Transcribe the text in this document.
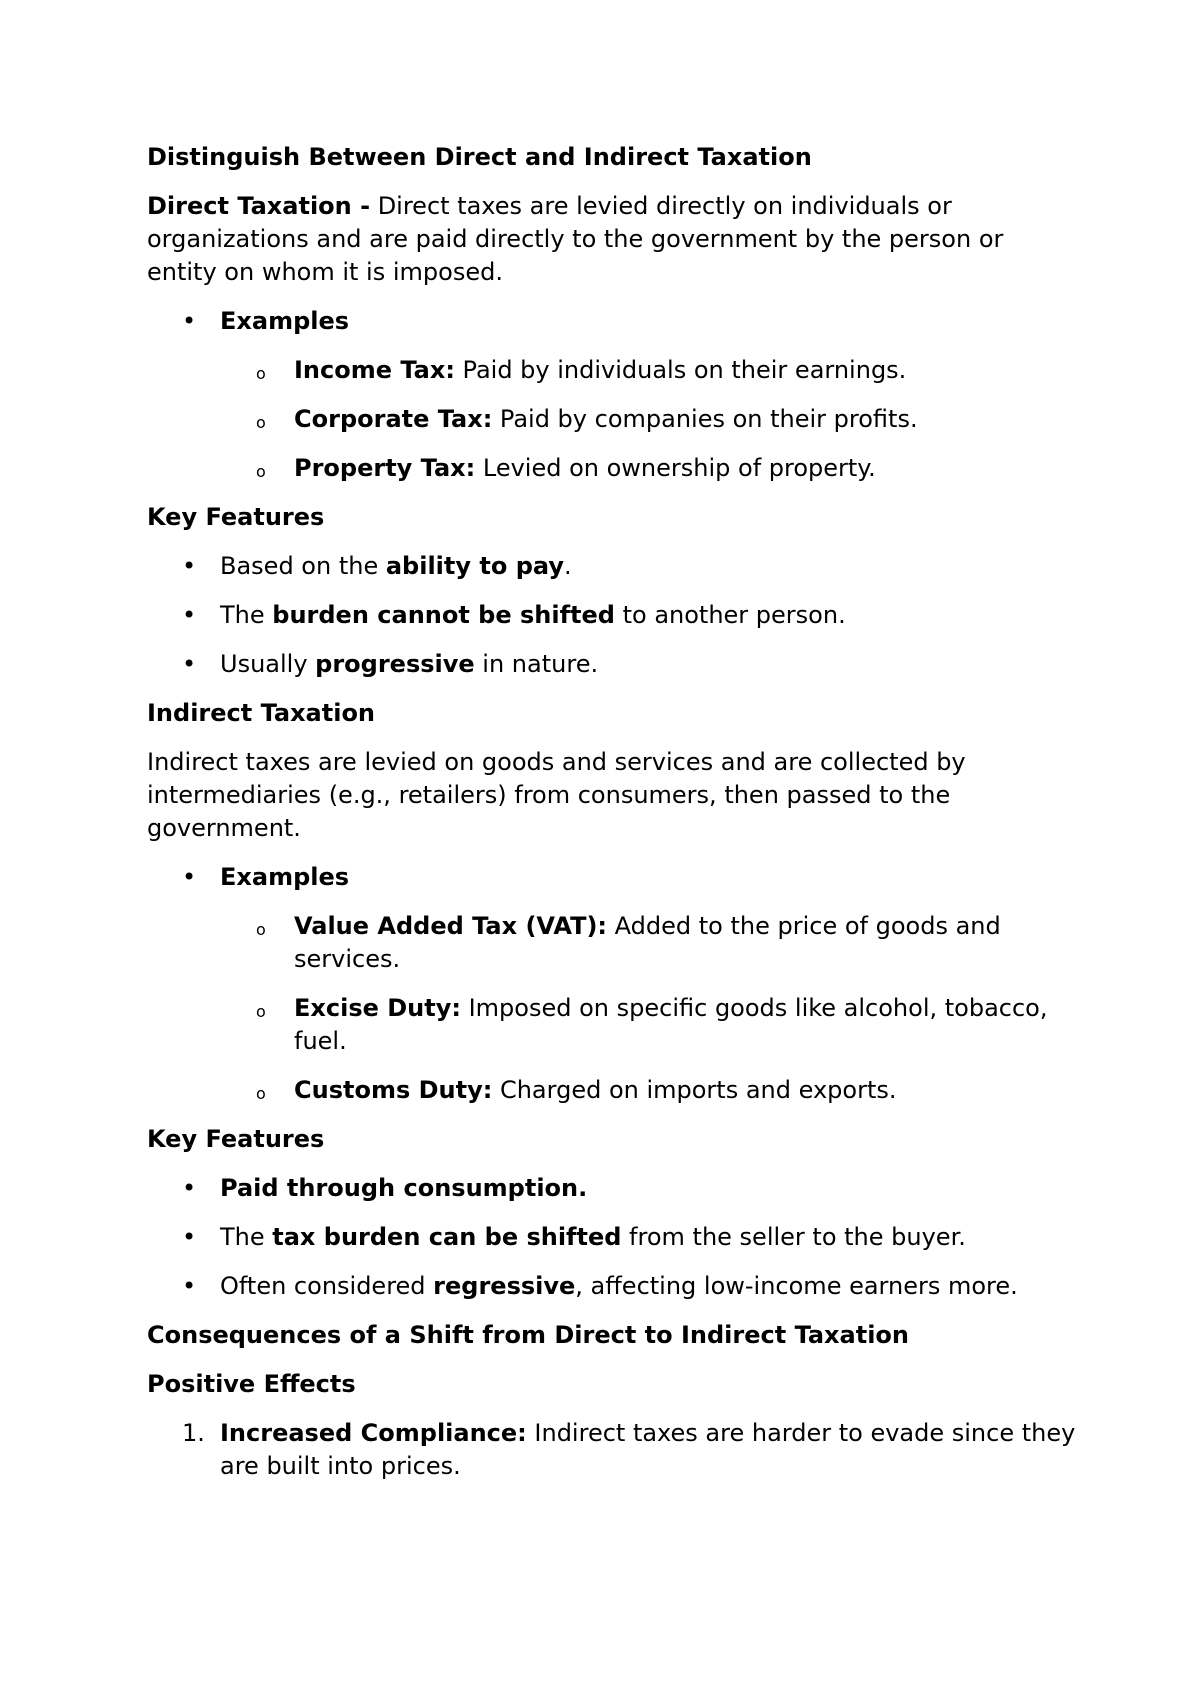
Distinguish Between Direct and Indirect Taxation

Direct Taxation - Direct taxes are levied directly on individuals or organizations and are paid directly to the government by the person or entity on whom it is imposed.

• Examples
o Income Tax: Paid by individuals on their earnings.
o Corporate Tax: Paid by companies on their profits.
o Property Tax: Levied on ownership of property.
Key Features
• Based on the ability to pay.
• The burden cannot be shifted to another person.
• Usually progressive in nature.
Indirect Taxation

Indirect taxes are levied on goods and services and are collected by intermediaries (e.g., retailers) from consumers, then passed to the government.

• Examples
o Value Added Tax (VAT): Added to the price of goods and services.
o Excise Duty: Imposed on specific goods like alcohol, tobacco, fuel.
o Customs Duty: Charged on imports and exports.
Key Features
• Paid through consumption.
• The tax burden can be shifted from the seller to the buyer.
• Often considered regressive, affecting low-income earners more.
Consequences of a Shift from Direct to Indirect Taxation
Positive Effects
1. Increased Compliance: Indirect taxes are harder to evade since they are built into prices.
